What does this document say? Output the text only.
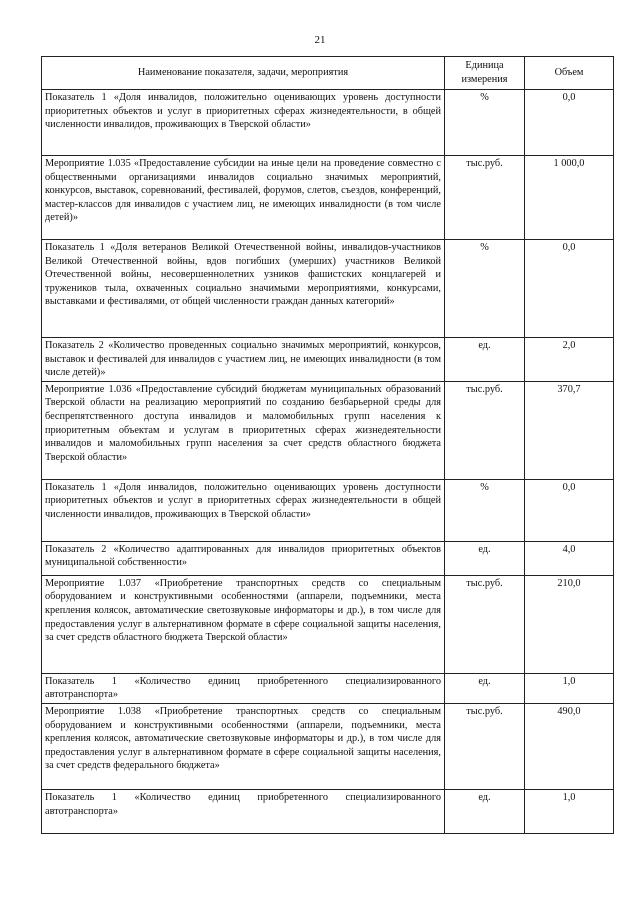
21
Наименование показателя, задачи, мероприятия	Единица измерения	Объем
Показатель 1 «Доля инвалидов, положительно оценивающих уровень доступности приоритетных объектов и услуг в приоритетных сферах жизнедеятельности, в общей численности инвалидов, проживающих в Тверской области»	%	0,0
Мероприятие 1.035 «Предоставление субсидии на иные цели на проведение совместно с общественными организациями инвалидов социально значимых мероприятий, конкурсов, выставок, соревнований, фестивалей, форумов, слетов, съездов, конференций, мастер-классов для инвалидов с участием лиц, не имеющих инвалидности (в том числе детей)»	тыс.руб.	1 000,0
Показатель 1 «Доля ветеранов Великой Отечественной войны, инвалидов-участников Великой Отечественной войны, вдов погибших (умерших) участников Великой Отечественной войны, несовершеннолетних узников фашистских концлагерей и тружеников тыла, охваченных социально значимыми мероприятиями, конкурсами, выставками и фестивалями, от общей численности граждан данных категорий»	%	0,0
Показатель 2 «Количество проведенных социально значимых мероприятий, конкурсов, выставок и фестивалей для инвалидов с участием лиц, не имеющих инвалидности (в том числе детей)»	ед.	2,0
Мероприятие 1.036 «Предоставление субсидий бюджетам муниципальных образований Тверской области на реализацию мероприятий по созданию безбарьерной среды для беспрепятственного доступа инвалидов и маломобильных групп населения к приоритетным объектам и услугам в приоритетных сферах жизнедеятельности инвалидов и маломобильных групп населения за счет средств областного бюджета Тверской области»	тыс.руб.	370,7
Показатель 1 «Доля инвалидов, положительно оценивающих уровень доступности приоритетных объектов и услуг в приоритетных сферах жизнедеятельности в общей численности инвалидов, проживающих в Тверской области»	%	0,0
Показатель 2 «Количество адаптированных для инвалидов приоритетных объектов муниципальной собственности»	ед.	4,0
Мероприятие 1.037 «Приобретение транспортных средств со специальным оборудованием и конструктивными особенностями (аппарели, подъемники, места крепления колясок, автоматические светозвуковые информаторы и др.), в том числе для предоставления услуг в альтернативном формате в сфере социальной защиты населения, за счет средств областного бюджета Тверской области»	тыс.руб.	210,0
Показатель 1 «Количество единиц приобретенного специализированного автотранспорта»	ед.	1,0
Мероприятие 1.038 «Приобретение транспортных средств со специальным оборудованием и конструктивными особенностями (аппарели, подъемники, места крепления колясок, автоматические светозвуковые информаторы и др.), в том числе для предоставления услуг в альтернативном формате в сфере социальной защиты населения, за счет средств федерального бюджета»	тыс.руб.	490,0
Показатель 1 «Количество единиц приобретенного специализированного автотранспорта»	ед.	1,0
